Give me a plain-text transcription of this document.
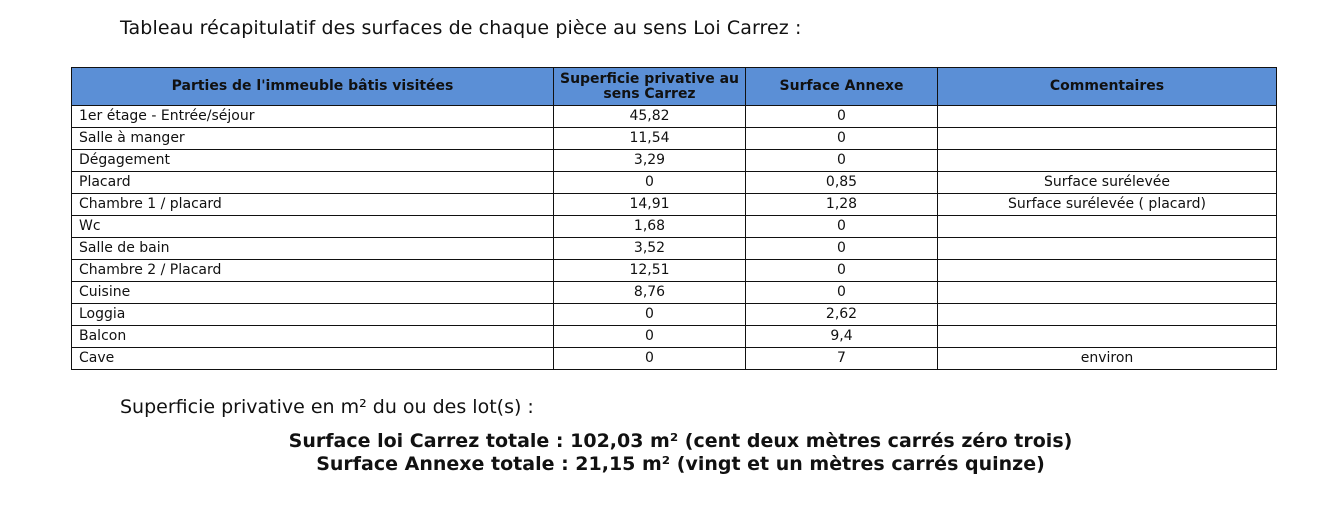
Tableau récapitulatif des surfaces de chaque pièce au sens Loi Carrez :
Parties de l'immeuble bâtis visitées	Superficie privative au sens Carrez	Surface Annexe	Commentaires
1er étage - Entrée/séjour	45,82	0	
Salle à manger	11,54	0	
Dégagement	3,29	0	
Placard	0	0,85	Surface surélevée
Chambre 1 / placard	14,91	1,28	Surface surélevée ( placard)
Wc	1,68	0	
Salle de bain	3,52	0	
Chambre 2 / Placard	12,51	0	
Cuisine	8,76	0	
Loggia	0	2,62	
Balcon	0	9,4	
Cave	0	7	environ
Superficie privative en m² du ou des lot(s) :
Surface loi Carrez totale : 102,03 m² (cent deux mètres carrés zéro trois)
Surface Annexe totale : 21,15 m² (vingt et un mètres carrés quinze)
